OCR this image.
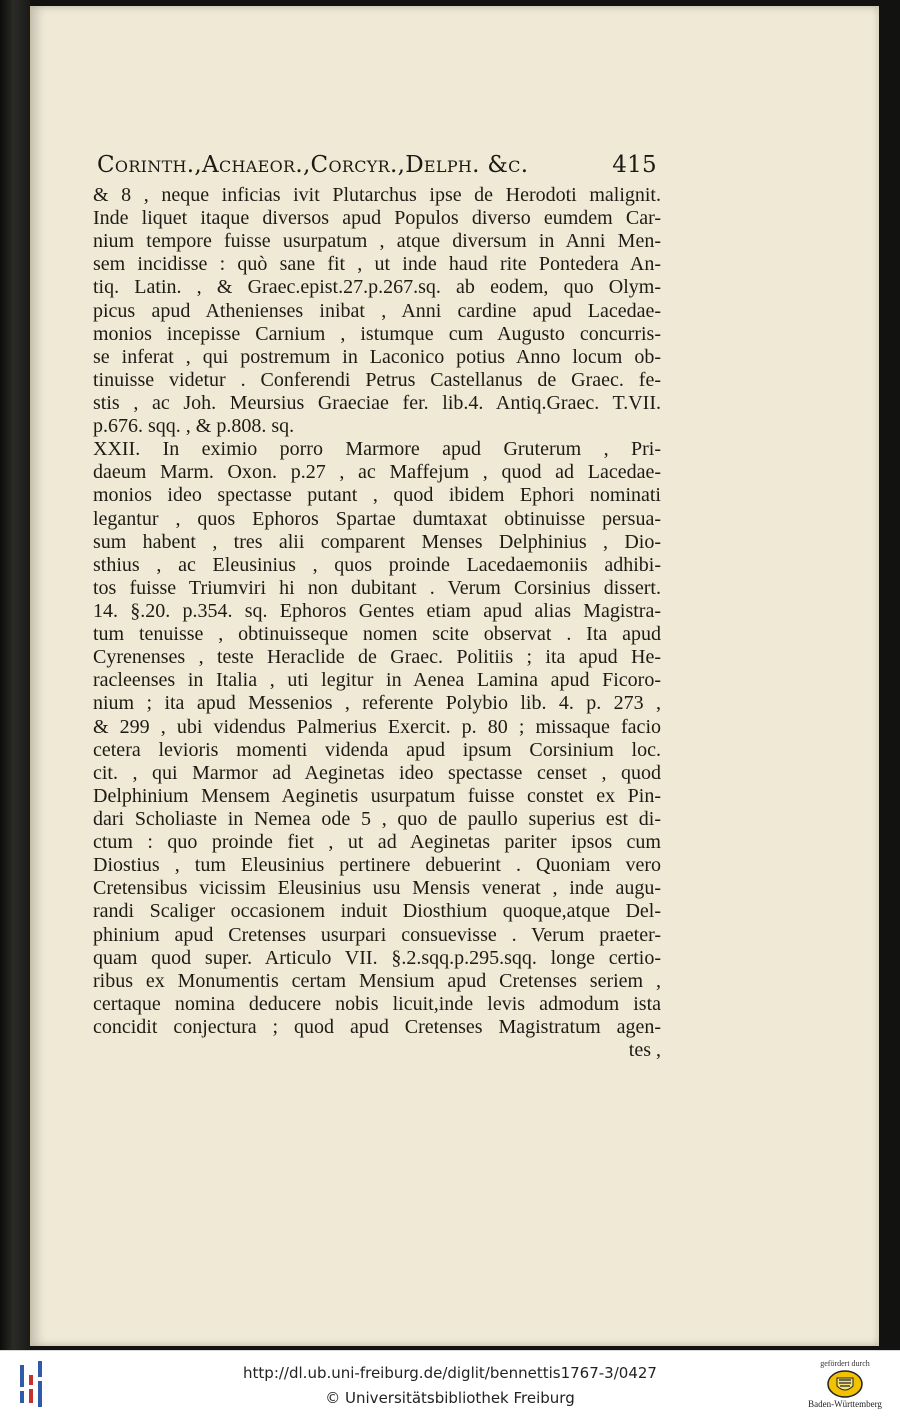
Corinth.,Achaeor.,Corcyr.,Delph. &c.	415
& 8 , neque inficias ivit Plutarchus ipse de Herodoti malignit.
Inde liquet itaque diversos apud Populos diverso eumdem Car-
nium tempore fuisse usurpatum , atque diversum in Anni Men-
sem incidisse : quò sane fit , ut inde haud rite Pontedera An-
tiq. Latin. , & Graec.epist.27.p.267.sq. ab eodem, quo Olym-
picus apud Athenienses inibat , Anni cardine apud Lacedae-
monios incepisse Carnium , istumque cum Augusto concurris-
se inferat , qui postremum in Laconico potius Anno locum ob-
tinuisse videtur . Conferendi Petrus Castellanus de Graec. fe-
stis , ac Joh. Meursius Graeciae fer. lib.4. Antiq.Graec. T.VII.
p.676. sqq. , & p.808. sq.
XXII. In eximio porro Marmore apud Gruterum , Pri-
daeum Marm. Oxon. p.27 , ac Maffejum , quod ad Lacedae-
monios ideo spectasse putant , quod ibidem Ephori nominati
legantur , quos Ephoros Spartae dumtaxat obtinuisse persua-
sum habent , tres alii comparent Menses Delphinius , Dio-
sthius , ac Eleusinius , quos proinde Lacedaemoniis adhibi-
tos fuisse Triumviri hi non dubitant . Verum Corsinius dissert.
14. §.20. p.354. sq. Ephoros Gentes etiam apud alias Magistra-
tum tenuisse , obtinuisseque nomen scite observat . Ita apud
Cyrenenses , teste Heraclide de Graec. Politiis ; ita apud He-
racleenses in Italia , uti legitur in Aenea Lamina apud Ficoro-
nium ; ita apud Messenios , referente Polybio lib. 4. p. 273 ,
& 299 , ubi videndus Palmerius Exercit. p. 80 ; missaque facio
cetera levioris momenti videnda apud ipsum Corsinium loc.
cit. , qui Marmor ad Aeginetas ideo spectasse censet , quod
Delphinium Mensem Aeginetis usurpatum fuisse constet ex Pin-
dari Scholiaste in Nemea ode 5 , quo de paullo superius est di-
ctum : quo proinde fiet , ut ad Aeginetas pariter ipsos cum
Diostius , tum Eleusinius pertinere debuerint . Quoniam vero
Cretensibus vicissim Eleusinius usu Mensis venerat , inde augu-
randi Scaliger occasionem induit Diosthium quoque,atque Del-
phinium apud Cretenses usurpari consuevisse . Verum praeter-
quam quod super. Articulo VII. §.2.sqq.p.295.sqq. longe certio-
ribus ex Monumentis certam Mensium apud Cretenses seriem ,
certaque nomina deducere nobis licuit,inde levis admodum ista
concidit conjectura ; quod apud Cretenses Magistratum agen-
tes ,
http://dl.ub.uni-freiburg.de/diglit/bennettis1767-3/0427
© Universitätsbibliothek Freiburg
gefördert durch
Baden-Württemberg
